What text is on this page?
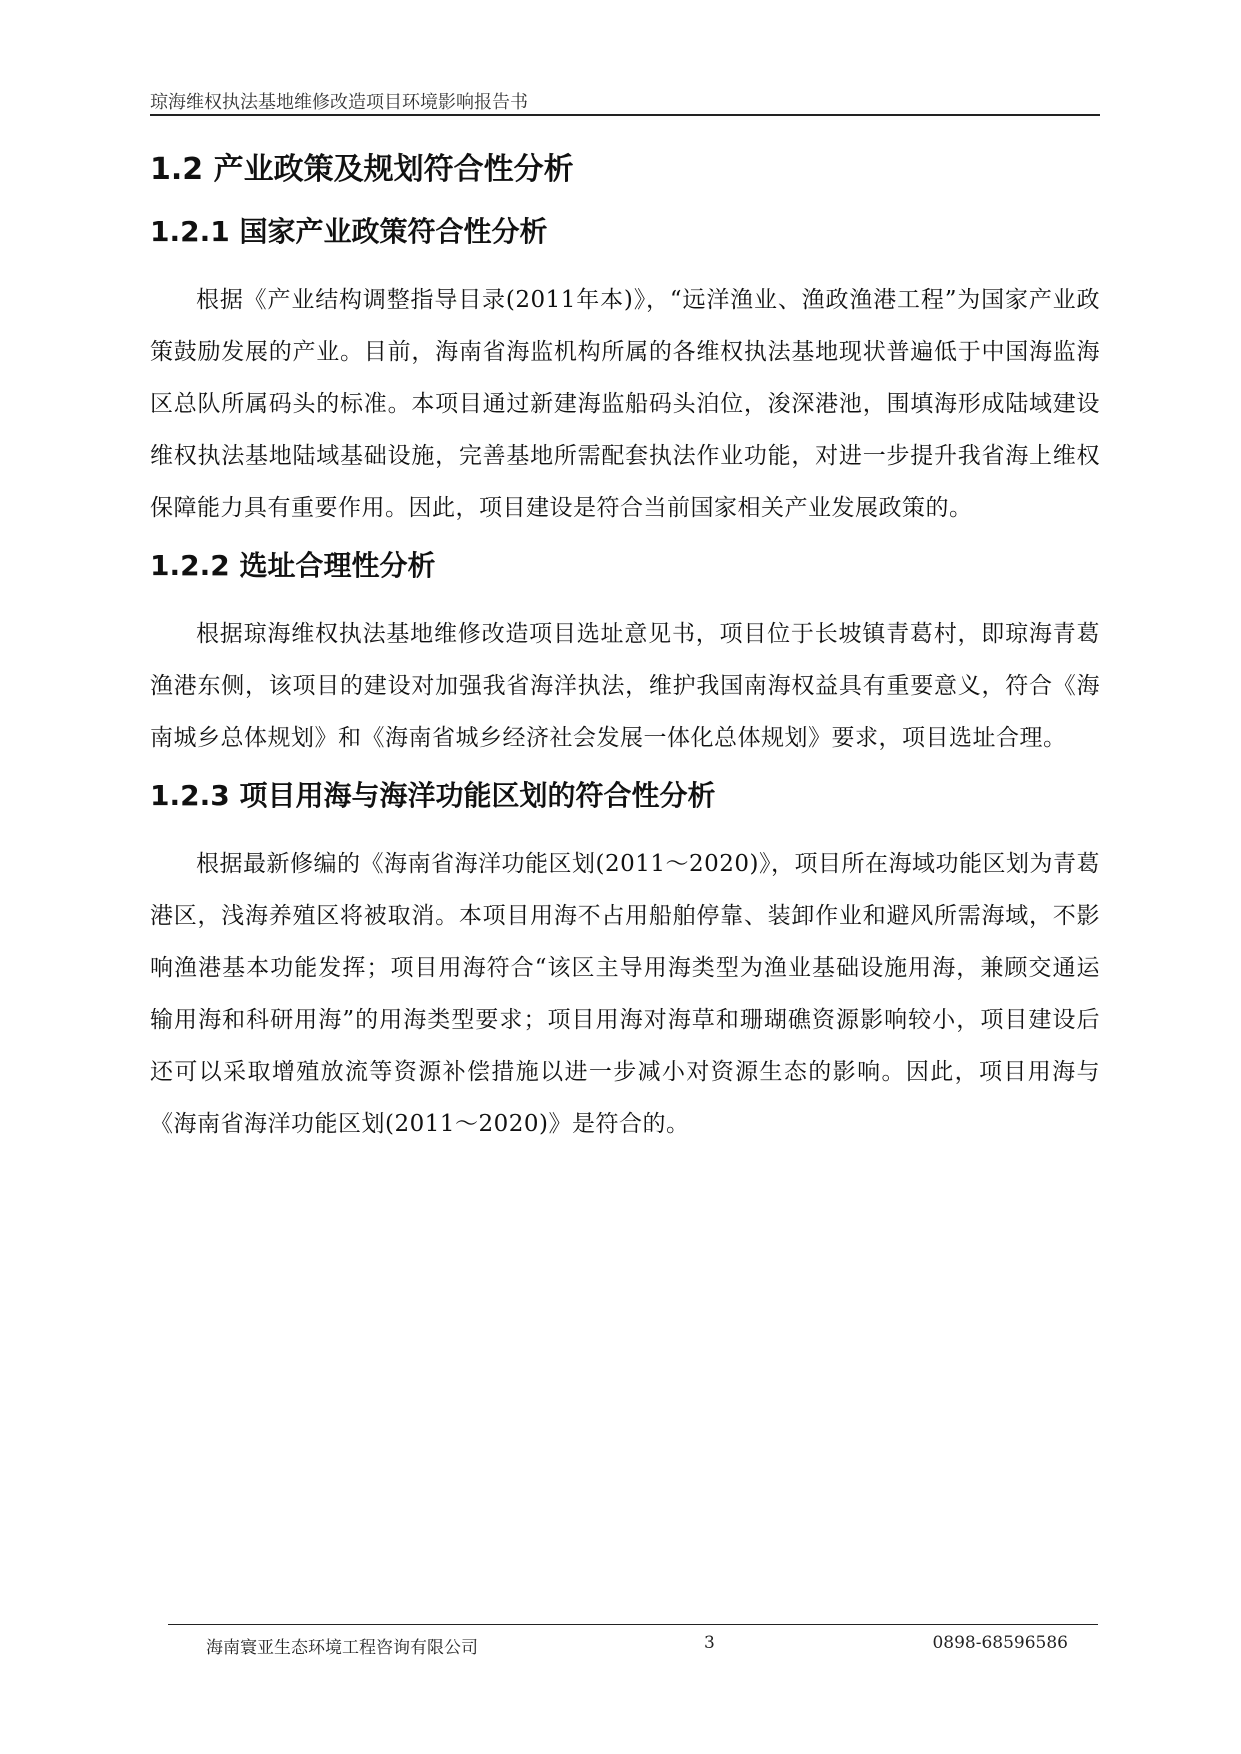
琼海维权执法基地维修改造项目环境影响报告书
1.2 产业政策及规划符合性分析
1.2.1 国家产业政策符合性分析

根据《产业结构调整指导目录(2011年本)》，“远洋渔业、渔政渔港工程”为国家产业政策鼓励发展的产业。目前，海南省海监机构所属的各维权执法基地现状普遍低于中国海监海区总队所属码头的标准。本项目通过新建海监船码头泊位，浚深港池，围填海形成陆域建设维权执法基地陆域基础设施，完善基地所需配套执法作业功能，对进一步提升我省海上维权保障能力具有重要作用。因此，项目建设是符合当前国家相关产业发展政策的。

1.2.2 选址合理性分析

根据琼海维权执法基地维修改造项目选址意见书，项目位于长坡镇青葛村，即琼海青葛渔港东侧，该项目的建设对加强我省海洋执法，维护我国南海权益具有重要意义，符合《海南城乡总体规划》和《海南省城乡经济社会发展一体化总体规划》要求，项目选址合理。

1.2.3 项目用海与海洋功能区划的符合性分析

根据最新修编的《海南省海洋功能区划(2011～2020)》，项目所在海域功能区划为青葛港区，浅海养殖区将被取消。本项目用海不占用船舶停靠、装卸作业和避风所需海域，不影响渔港基本功能发挥；项目用海符合“该区主导用海类型为渔业基础设施用海，兼顾交通运输用海和科研用海”的用海类型要求；项目用海对海草和珊瑚礁资源影响较小，项目建设后还可以采取增殖放流等资源补偿措施以进一步减小对资源生态的影响。因此，项目用海与《海南省海洋功能区划(2011～2020)》是符合的。

海南寰亚生态环境工程咨询有限公司	3	0898-68596586
